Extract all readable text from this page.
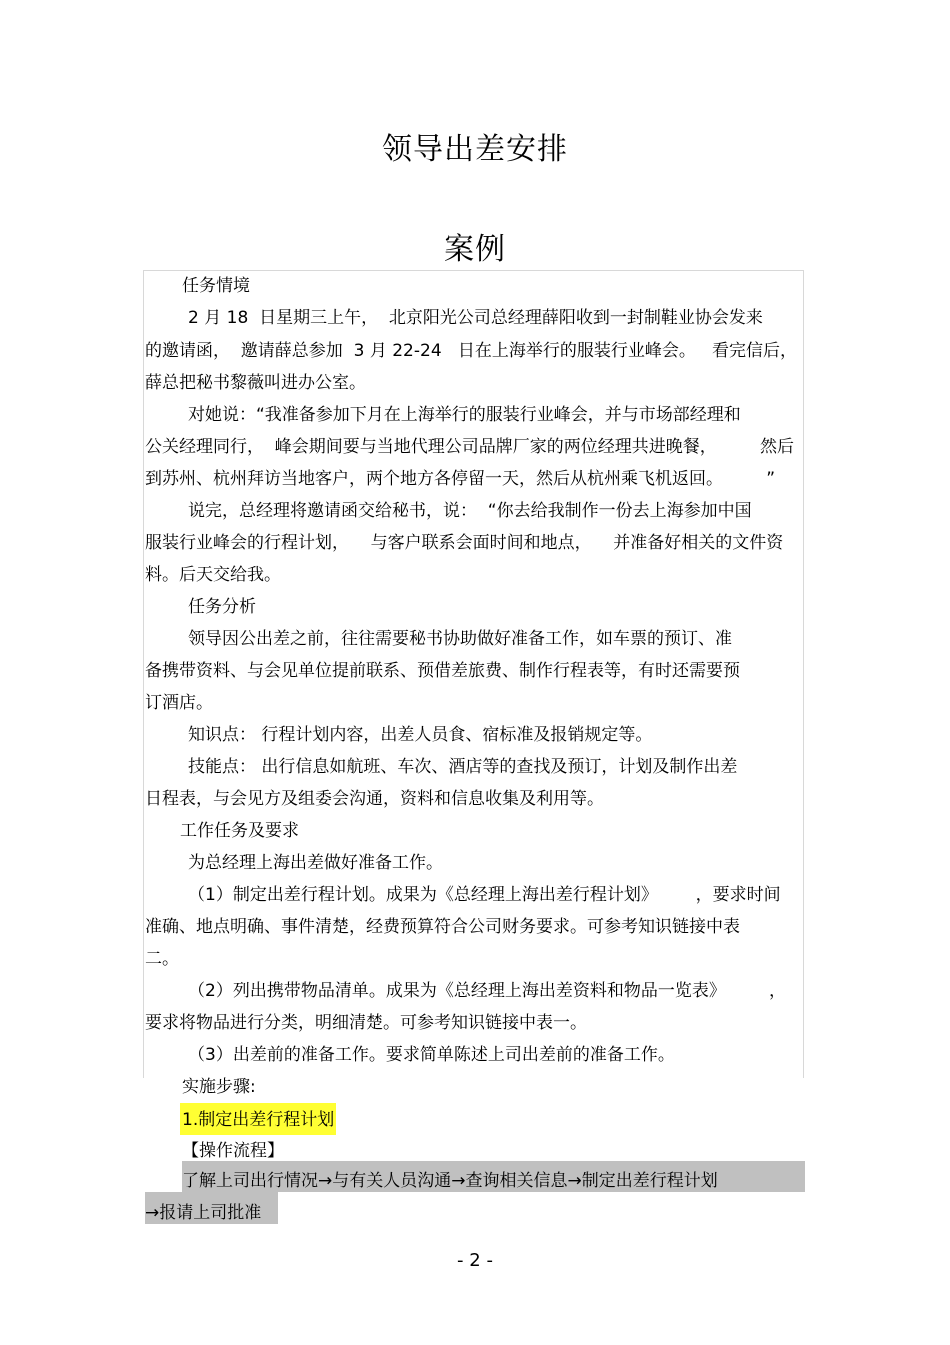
领导出差安排
案例
任务情境
2 月 18  日星期三上午，  北京阳光公司总经理薛阳收到一封制鞋业协会发来
的邀请函，  邀请薛总参加  3 月 22-24   日在上海举行的服装行业峰会。   看完信后，
薛总把秘书黎薇叫进办公室。
对她说：“我准备参加下月在上海举行的服装行业峰会，并与市场部经理和
公关经理同行，  峰会期间要与当地代理公司品牌厂家的两位经理共进晚餐，        然后
到苏州、杭州拜访当地客户，两个地方各停留一天，然后从杭州乘飞机返回。        ”
说完，总经理将邀请函交给秘书，说：  “你去给我制作一份去上海参加中国
服装行业峰会的行程计划，    与客户联系会面时间和地点，    并准备好相关的文件资
料。后天交给我。
任务分析
领导因公出差之前，往往需要秘书协助做好准备工作，如车票的预订、准
备携带资料、与会见单位提前联系、预借差旅费、制作行程表等，有时还需要预
订酒店。
知识点： 行程计划内容，出差人员食、宿标准及报销规定等。
技能点： 出行信息如航班、车次、酒店等的查找及预订，计划及制作出差
日程表，与会见方及组委会沟通，资料和信息收集及利用等。
工作任务及要求
为总经理上海出差做好准备工作。
（1）制定出差行程计划。成果为《总经理上海出差行程计划》       ，要求时间
准确、地点明确、事件清楚，经费预算符合公司财务要求。可参考知识链接中表
二。
（2）列出携带物品清单。成果为《总经理上海出差资料和物品一览表》        ，
要求将物品进行分类，明细清楚。可参考知识链接中表一。
（3）出差前的准备工作。要求简单陈述上司出差前的准备工作。
实施步骤:
1.制定出差行程计划
【操作流程】
了解上司出行情况→与有关人员沟通→查询相关信息→制定出差行程计划
→报请上司批准
- 2 -
